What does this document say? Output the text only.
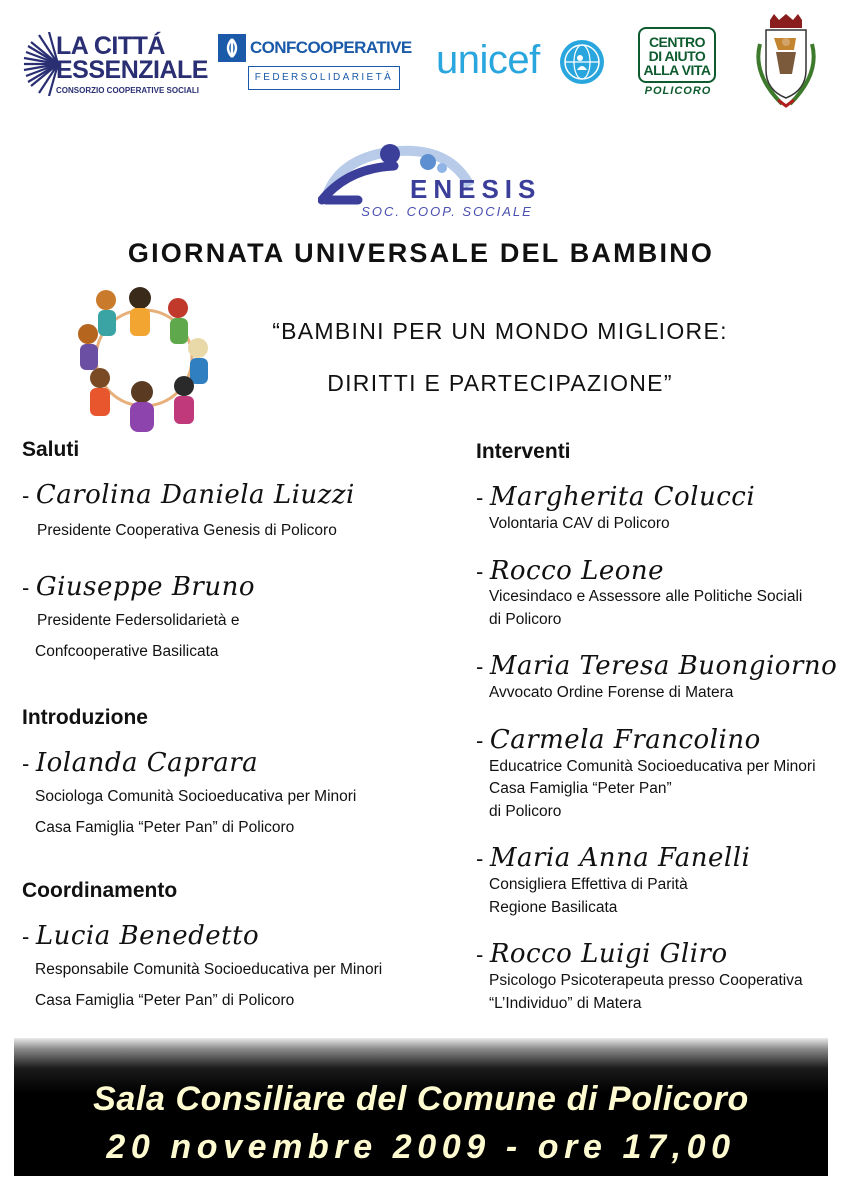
LA CITTÁ
ESSENZIALE
CONSORZIO COOPERATIVE SOCIALI
CONFCOOPERATIVE
FEDERSOLIDARIETÀ unicef	CENTRO
DI AIUTO
ALLA VITA
POLICORO
ENESIS
SOC. COOP. SOCIALE
GIORNATA UNIVERSALE DEL BAMBINO
“BAMBINI PER UN MONDO MIGLIORE:
DIRITTI E PARTECIPAZIONE”
Saluti
- Carolina Daniela Liuzzi
Presidente Cooperativa Genesis di Policoro
- Giuseppe Bruno
Presidente Federsolidarietà e
Confcooperative Basilicata
Introduzione
- Iolanda Caprara
Sociologa Comunità Socioeducativa per Minori
Casa Famiglia “Peter Pan” di Policoro
Coordinamento
- Lucia Benedetto
Responsabile Comunità Socioeducativa per Minori
Casa Famiglia “Peter Pan” di Policoro
Interventi
- Margherita Colucci
Volontaria CAV di Policoro
- Rocco Leone
Vicesindaco e Assessore alle Politiche Sociali
di Policoro
- Maria Teresa Buongiorno
Avvocato Ordine Forense di Matera
- Carmela Francolino
Educatrice Comunità Socioeducativa per Minori
Casa Famiglia “Peter Pan”
di Policoro
- Maria Anna Fanelli
Consigliera Effettiva di Parità
Regione Basilicata
- Rocco Luigi Gliro
Psicologo Psicoterapeuta presso Cooperativa
“L’Individuo” di Matera
Sala Consiliare del Comune di Policoro
20 novembre 2009 - ore 17,00
